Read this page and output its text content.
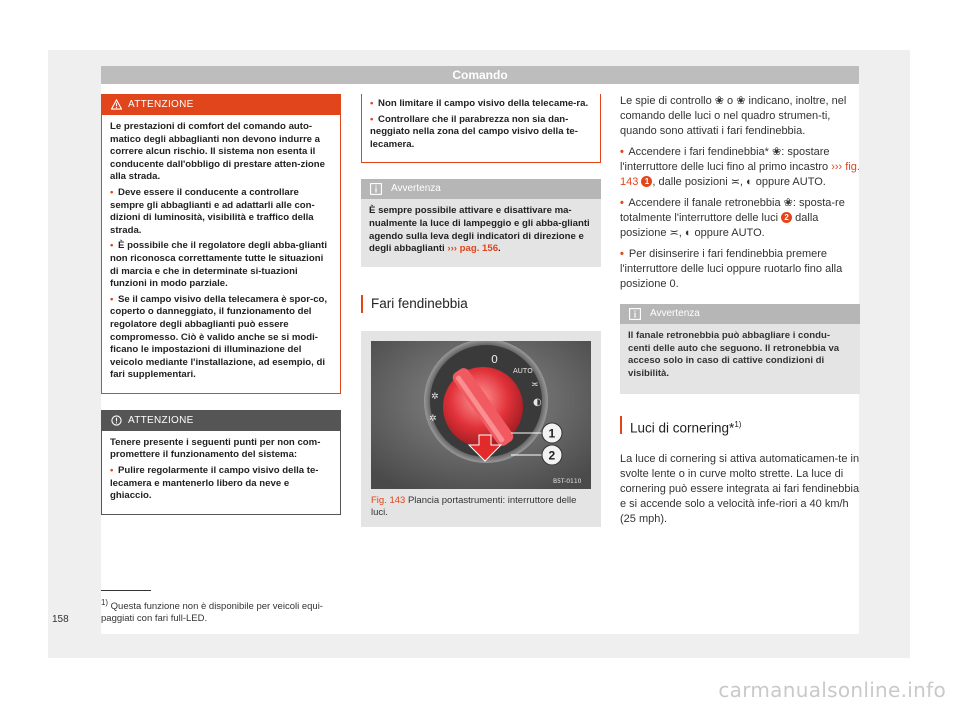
Comando
ATTENZIONE

Le prestazioni di comfort del comando auto-matico degli abbaglianti non devono indurre a correre alcun rischio. Il sistema non esenta il conducente dall'obbligo di prestare atten-zione alla strada.

• Deve essere il conducente a controllare sempre gli abbaglianti e ad adattarli alle con-dizioni di luminosità, visibilità e traffico della strada.

• È possibile che il regolatore degli abba-glianti non riconosca correttamente tutte le situazioni di marcia e che in determinate si-tuazioni funzioni in modo parziale.

• Se il campo visivo della telecamera è spor-co, coperto o danneggiato, il funzionamento del regolatore degli abbaglianti può essere compromesso. Ciò è valido anche se si modi-ficano le impostazioni di illuminazione del veicolo mediante l'installazione, ad esempio, di fari supplementari.

ATTENZIONE

Tenere presente i seguenti punti per non com-promettere il funzionamento del sistema:

• Pulire regolarmente il campo visivo della te-lecamera e mantenerlo libero da neve e ghiaccio.

• Non limitare il campo visivo della telecame-ra.

• Controllare che il parabrezza non sia dan-neggiato nella zona del campo visivo della te-lecamera.

Avvertenza

È sempre possibile attivare e disattivare ma-nualmente la luce di lampeggio e gli abba-glianti agendo sulla leva degli indicatori di direzione e degli abbaglianti ››› pag. 156.

Fari fendinebbia
0
AUTO
≍
◐
✲
✲
1
2
B5T-0110
Fig. 143 Plancia portastrumenti: interruttore delle luci.

Le spie di controllo ❀ o ❀ indicano, inoltre, nel comando delle luci o nel quadro strumen-ti, quando sono attivati i fari fendinebbia.

• Accendere i fari fendinebbia* ❀: spostare l'interruttore delle luci fino al primo incastro ››› fig. 143 1 , dalle posizioni ≍, ◐ oppure AUTO.

• Accendere il fanale retronebbia ❀: sposta-re totalmente l'interruttore delle luci 2 dalla posizione ≍, ◐ oppure AUTO.

• Per disinserire i fari fendinebbia premere l'interruttore delle luci oppure ruotarlo fino alla posizione 0.

Avvertenza

Il fanale retronebbia può abbagliare i condu-centi delle auto che seguono. Il retronebbia va acceso solo in caso di cattive condizioni di visibilità.

Luci di cornering*$^{1)}$

La luce di cornering si attiva automaticamen-te in svolte lente o in curve molto strette. La luce di cornering può essere integrata ai fari fendinebbia e si accende solo a velocità infe-riori a 40 km/h (25 mph).

$^{1)}$ Questa funzione non è disponibile per veicoli equi-paggiati con fari full-LED.
158
carmanualsonline.info
